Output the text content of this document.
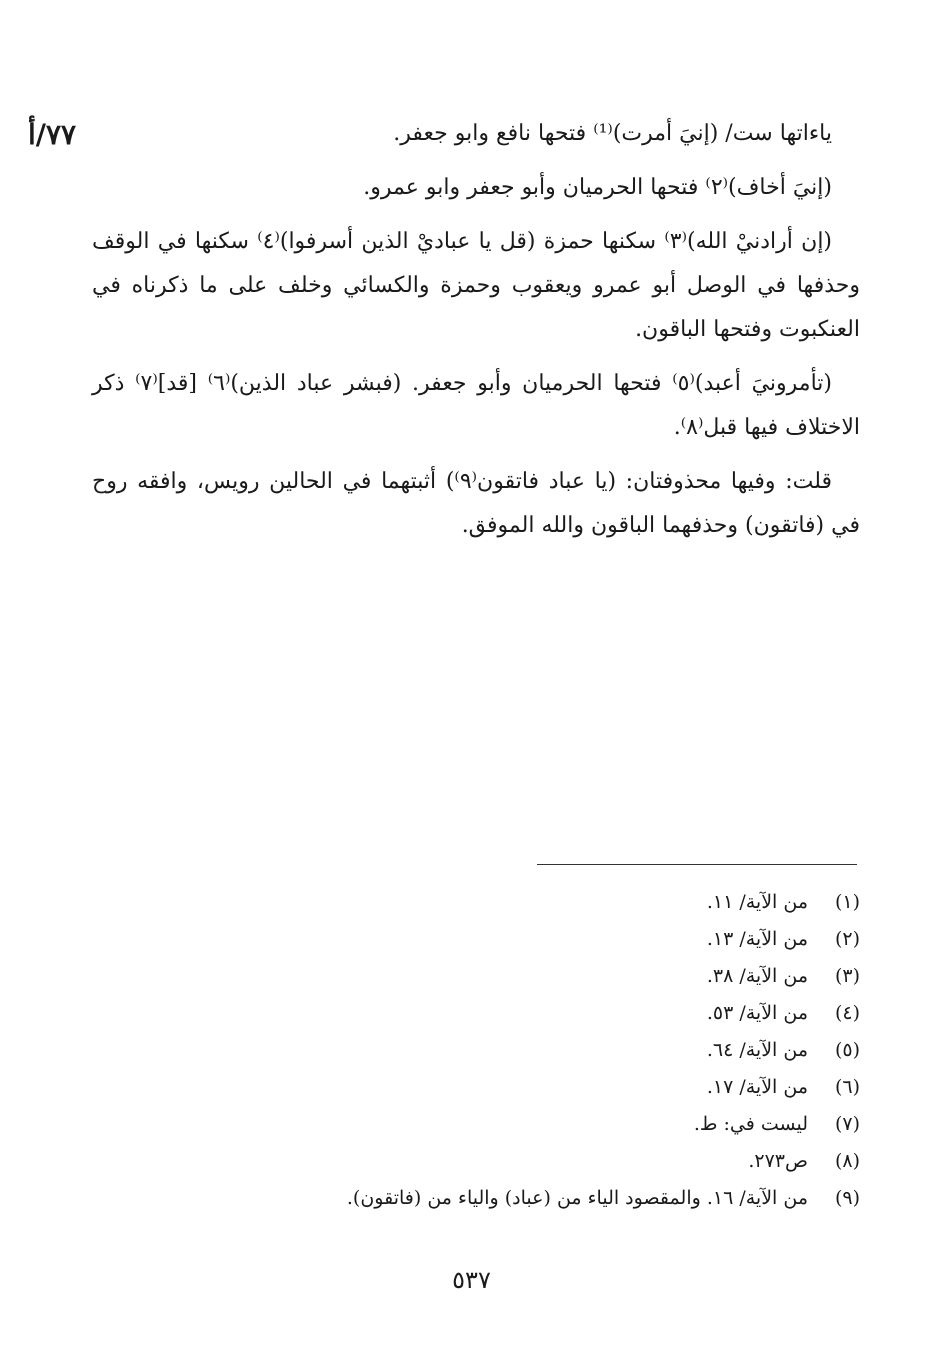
٧٧/أ	ياءاتها ست/ (إنيَ أمرت)⁽¹⁾ فتحها نافع وابو جعفر.

(إنيَ أخاف)⁽٢⁾ فتحها الحرميان وأبو جعفر وابو عمرو.

(إن أرادنيْ الله)⁽٣⁾ سكنها حمزة (قل يا عباديْ الذين أسرفوا)⁽٤⁾ سكنها في الوقف وحذفها في الوصل أبو عمرو ويعقوب وحمزة والكسائي وخلف على ما ذكرناه في العنكبوت وفتحها الباقون.

(تأمرونيَ أعبد)⁽٥⁾ فتحها الحرميان وأبو جعفر. (فبشر عباد الذين)⁽٦⁾ [قد]⁽٧⁾ ذكر الاختلاف فيها قبل⁽٨⁾.

قلت: وفيها محذوفتان: (يا عباد فاتقون⁽٩⁾) أثبتهما في الحالين رويس، وافقه روح في (فاتقون) وحذفهما الباقون والله الموفق.

(١)
من الآية/ ١١.
(٢)
من الآية/ ١٣.
(٣)
من الآية/ ٣٨.
(٤)
من الآية/ ٥٣.
(٥)
من الآية/ ٦٤.
(٦)
من الآية/ ١٧.
(٧)
ليست في: ط.
(٨)
ص٢٧٣.
(٩)
من الآية/ ١٦. والمقصود الياء من (عباد) والياء من (فاتقون).
٥٣٧
